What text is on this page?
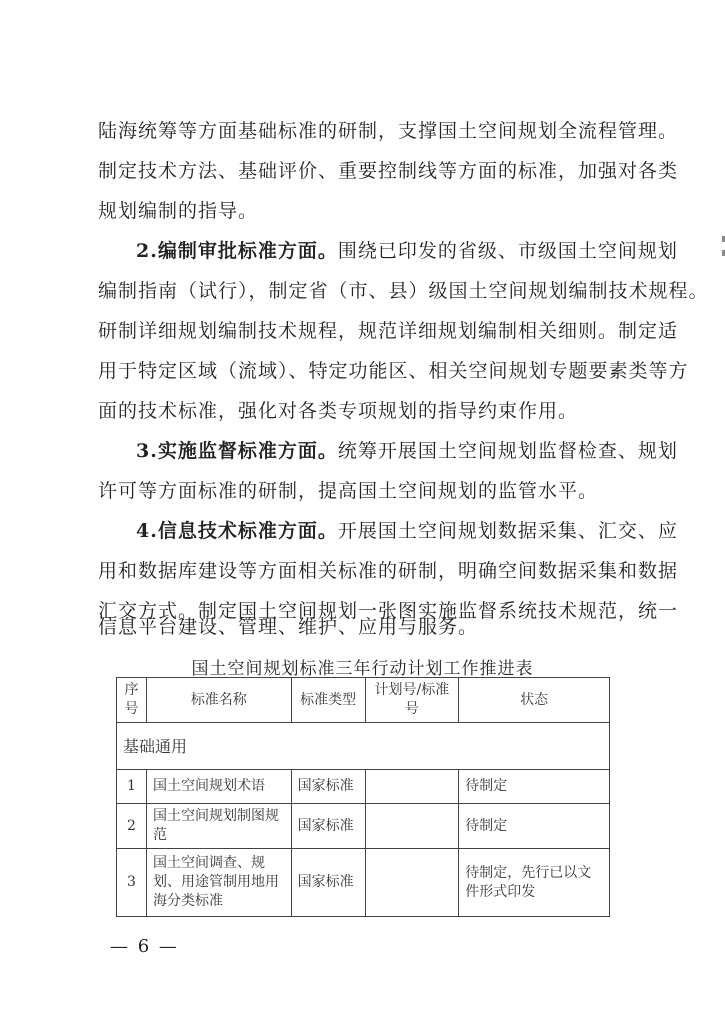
陆海统筹等方面基础标准的研制，支撑国土空间规划全流程管理。
制定技术方法、基础评价、重要控制线等方面的标准，加强对各类
规划编制的指导。
2.编制审批标准方面。围绕已印发的省级、市级国土空间规划
编制指南（试行），制定省（市、县）级国土空间规划编制技术规程。
研制详细规划编制技术规程，规范详细规划编制相关细则。制定适
用于特定区域（流域）、特定功能区、相关空间规划专题要素类等方
面的技术标准，强化对各类专项规划的指导约束作用。
3.实施监督标准方面。统筹开展国土空间规划监督检查、规划
许可等方面标准的研制，提高国土空间规划的监管水平。
4.信息技术标准方面。开展国土空间规划数据采集、汇交、应
用和数据库建设等方面相关标准的研制，明确空间数据采集和数据
汇交方式。制定国土空间规划一张图实施监督系统技术规范，统一
信息平台建设、管理、维护、应用与服务。
国土空间规划标准三年行动计划工作推进表
序号	标准名称	标准类型	计划号/标准号	状态
基础通用				
1	国土空间规划术语	国家标准		待制定
2	国土空间规划制图规范	国家标准		待制定
3	国土空间调查、规划、用途管制用地用海分类标准	国家标准		待制定，先行已以文件形式印发
— 6 —
